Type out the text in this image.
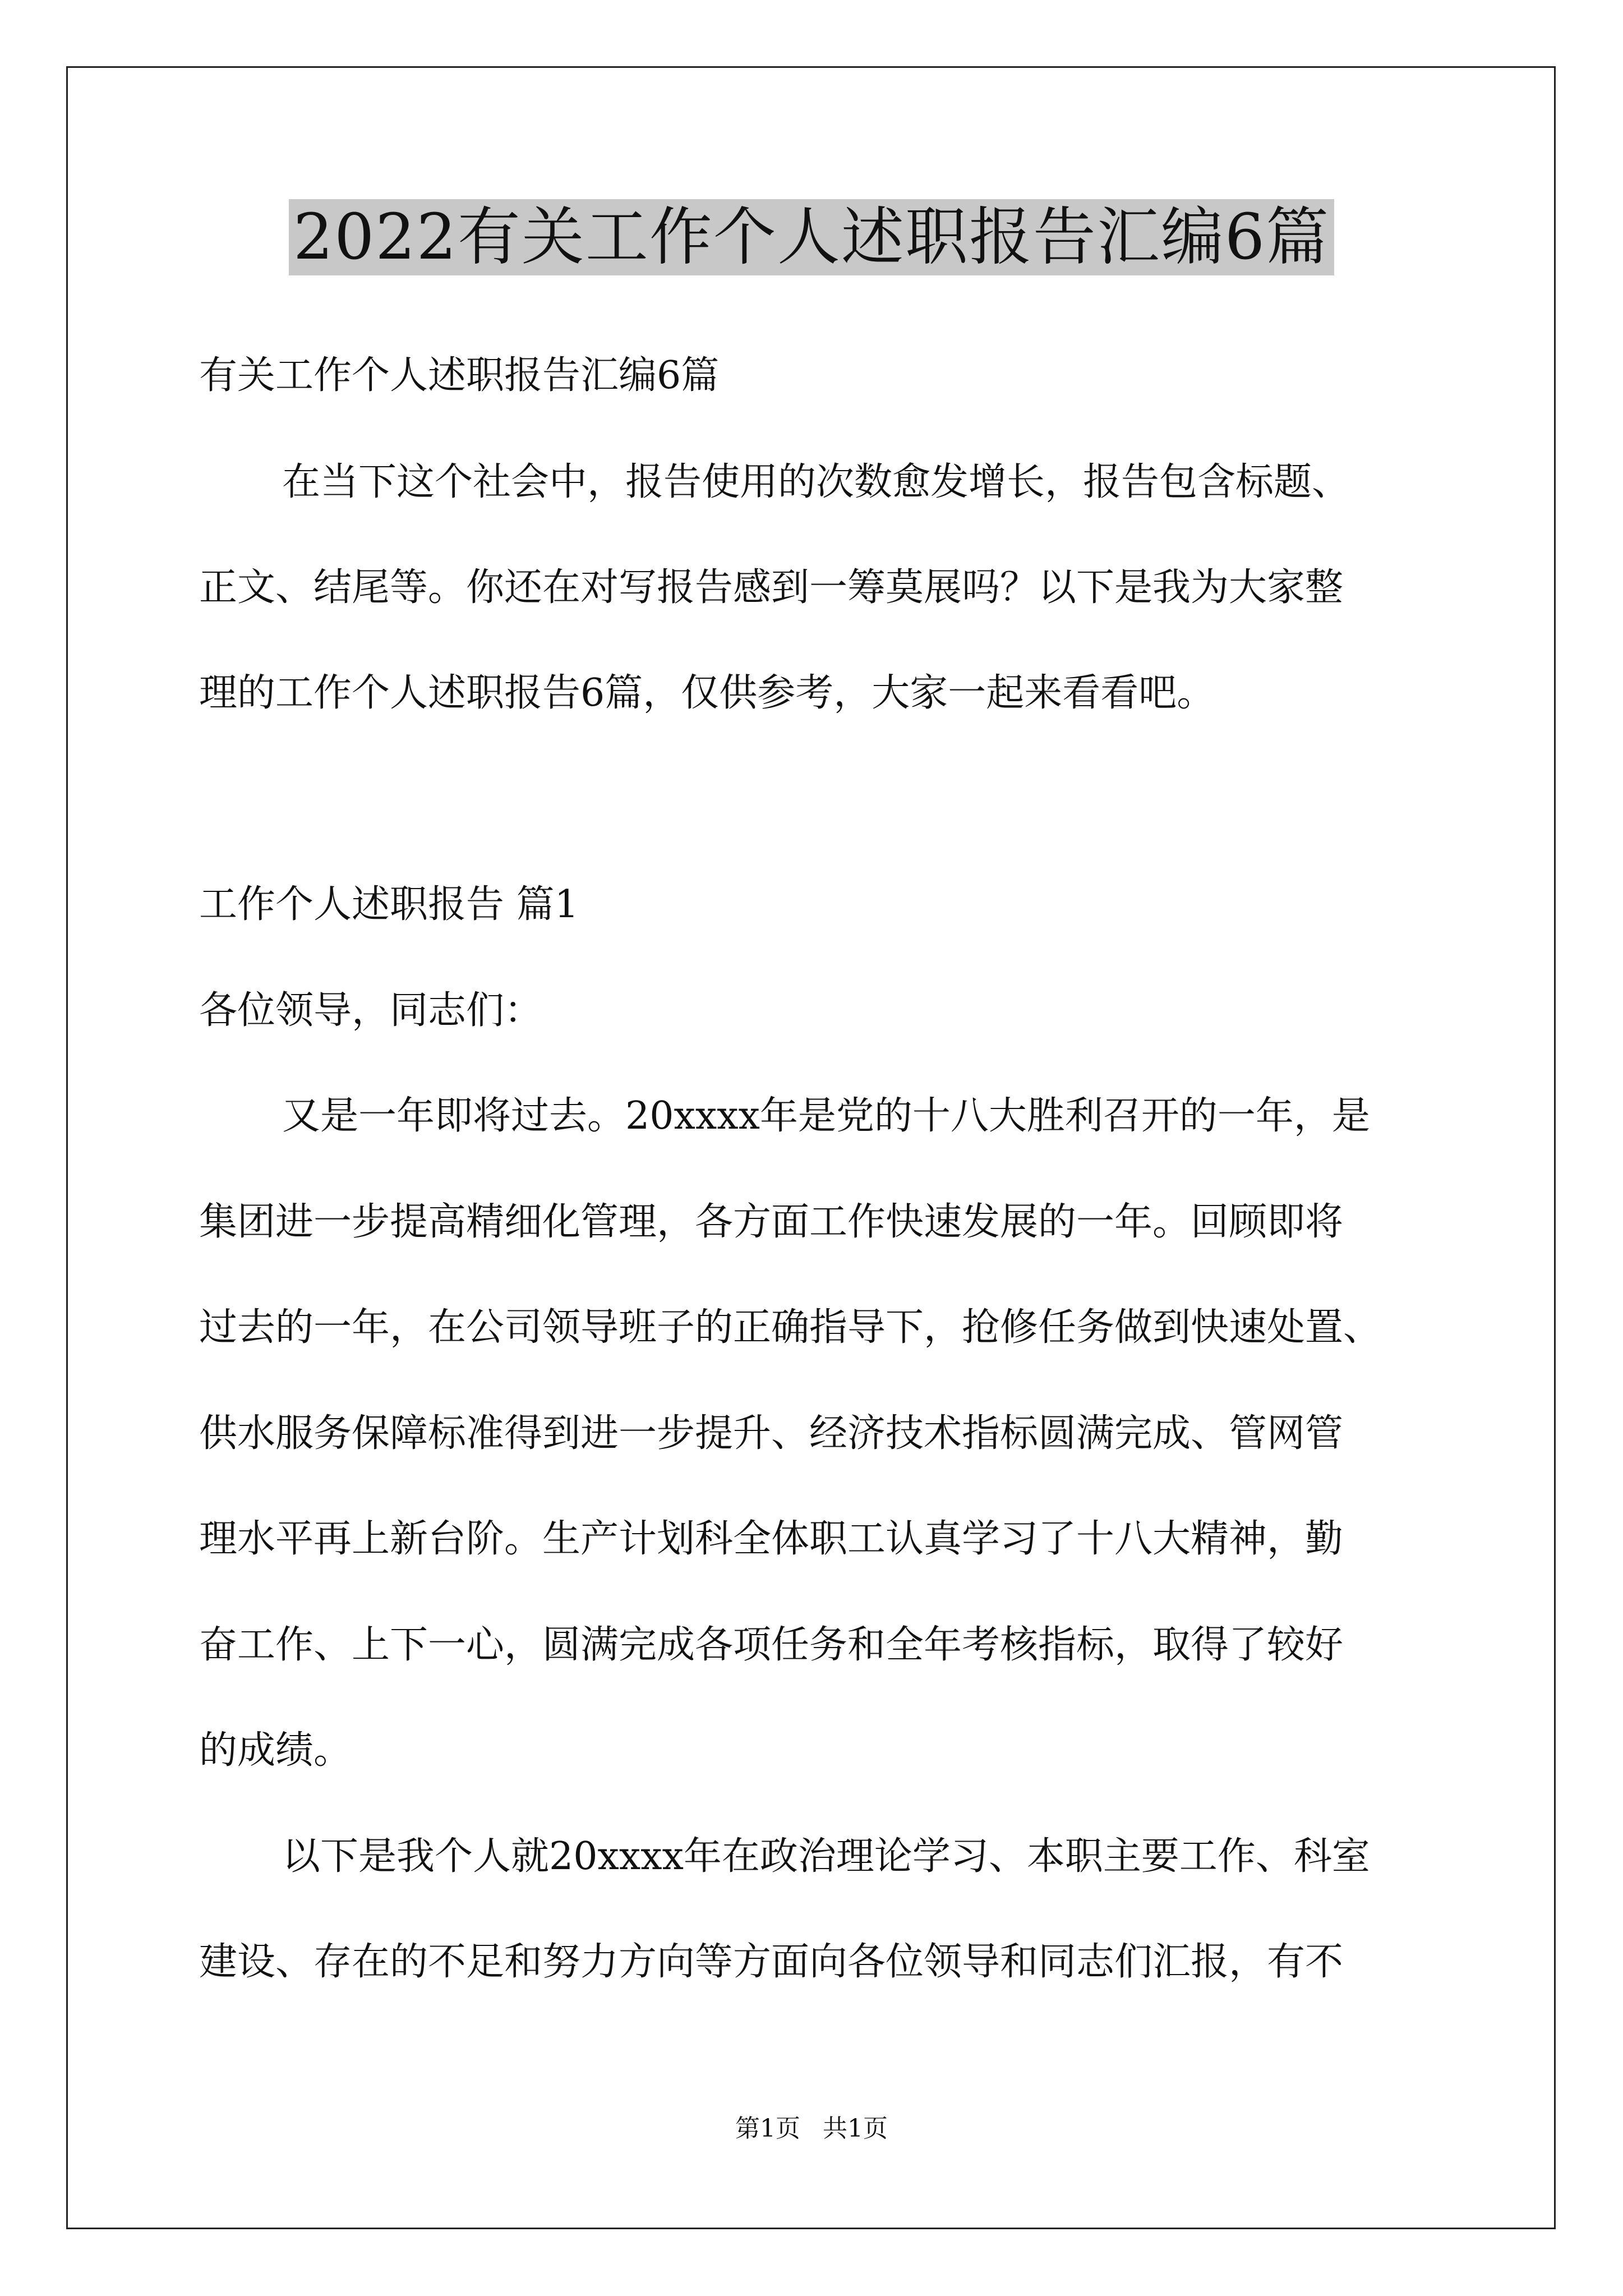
2022有关工作个人述职报告汇编6篇
有关工作个人述职报告汇编6篇
在当下这个社会中，报告使用的次数愈发增长，报告包含标题、
正文、结尾等。你还在对写报告感到一筹莫展吗？以下是我为大家整
理的工作个人述职报告6篇，仅供参考，大家一起来看看吧。
工作个人述职报告 篇1
各位领导，同志们：
又是一年即将过去。20xxxx年是党的十八大胜利召开的一年，是
集团进一步提高精细化管理，各方面工作快速发展的一年。回顾即将
过去的一年，在公司领导班子的正确指导下，抢修任务做到快速处置、
供水服务保障标准得到进一步提升、经济技术指标圆满完成、管网管
理水平再上新台阶。生产计划科全体职工认真学习了十八大精神，勤
奋工作、上下一心，圆满完成各项任务和全年考核指标，取得了较好
的成绩。
以下是我个人就20xxxx年在政治理论学习、本职主要工作、科室
建设、存在的不足和努力方向等方面向各位领导和同志们汇报，有不
第1页 共1页
